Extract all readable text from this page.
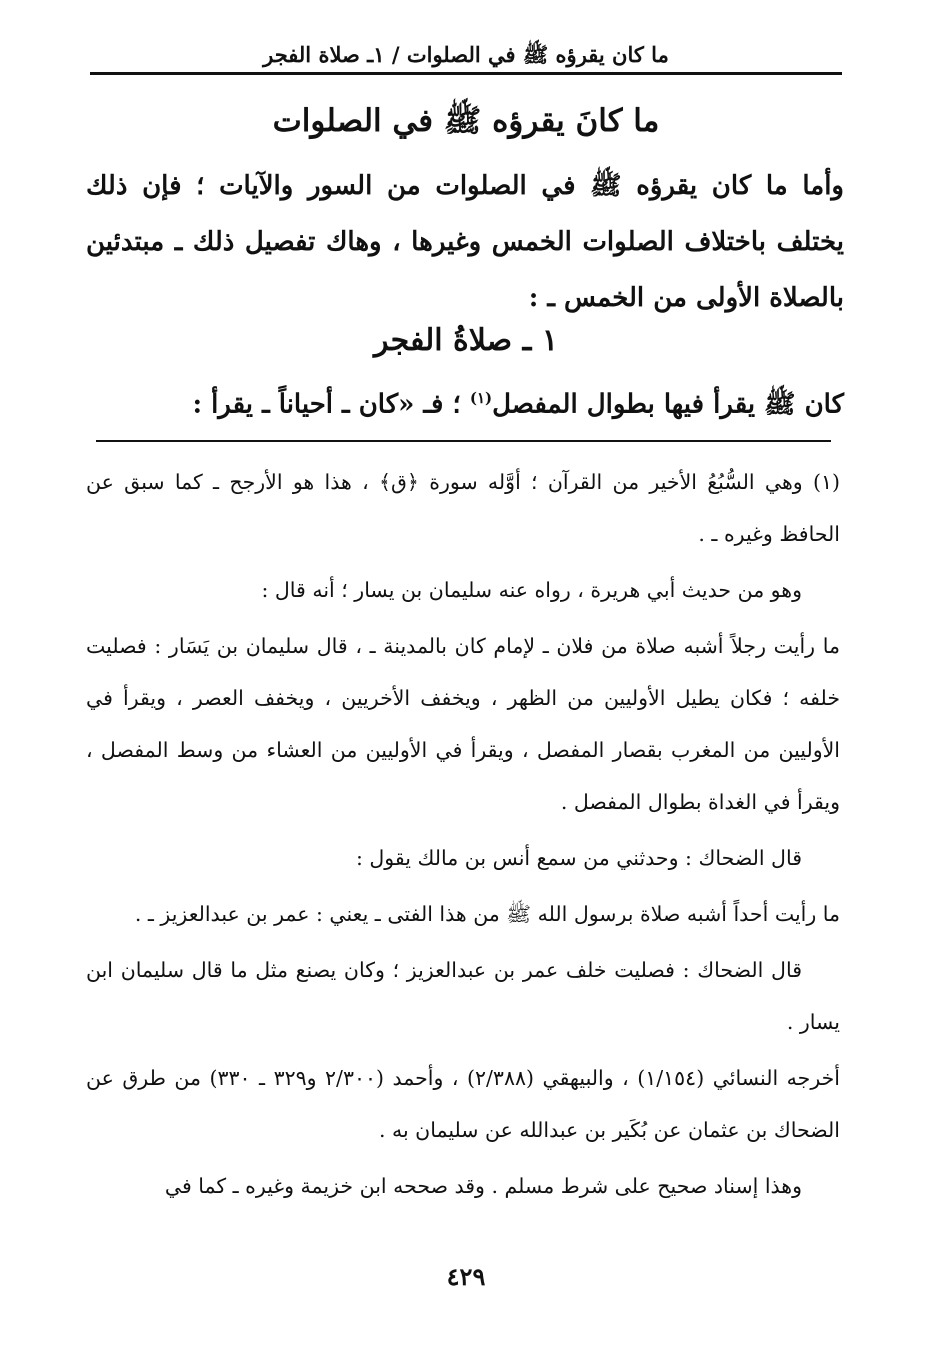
ما كان يقرؤه ﷺ في الصلوات / ١ـ صلاة الفجر
ما كانَ يقرؤه ﷺ في الصلوات
وأما ما كان يقرؤه ﷺ في الصلوات من السور والآيات ؛ فإن ذلك يختلف باختلاف الصلوات الخمس وغيرها ، وهاك تفصيل ذلك ـ مبتدئين بالصلاة الأولى من الخمس ـ :
١ ـ صلاةُ الفجر
كان ﷺ يقرأ فيها بطوال المفصل$^{(١)}$ ؛ فـ «كان ـ أحياناً ـ يقرأ :

(١) وهي السُّبُعُ الأخير من القرآن ؛ أوَّله سورة ﴿ق﴾ ، هذا هو الأرجح ـ كما سبق عن الحافظ وغيره ـ .

وهو من حديث أبي هريرة ، رواه عنه سليمان بن يسار ؛ أنه قال :

ما رأيت رجلاً أشبه صلاة من فلان ـ لإمام كان بالمدينة ـ ، قال سليمان بن يَسَار : فصليت خلفه ؛ فكان يطيل الأوليين من الظهر ، ويخفف الأخريين ، ويخفف العصر ، ويقرأ في الأوليين من المغرب بقصار المفصل ، ويقرأ في الأوليين من العشاء من وسط المفصل ، ويقرأ في الغداة بطوال المفصل .

قال الضحاك : وحدثني من سمع أنس بن مالك يقول :

ما رأيت أحداً أشبه صلاة برسول الله ﷺ من هذا الفتى ـ يعني : عمر بن عبدالعزيز ـ .

قال الضحاك : فصليت خلف عمر بن عبدالعزيز ؛ وكان يصنع مثل ما قال سليمان ابن يسار .

أخرجه النسائي (١/١٥٤) ، والبيهقي (٢/٣٨٨) ، وأحمد (٢/٣٠٠ و٣٢٩ ـ ٣٣٠) من طرق عن الضحاك بن عثمان عن بُكَير بن عبدالله عن سليمان به .

وهذا إسناد صحيح على شرط مسلم . وقد صححه ابن خزيمة وغيره ـ كما في

٤٢٩
